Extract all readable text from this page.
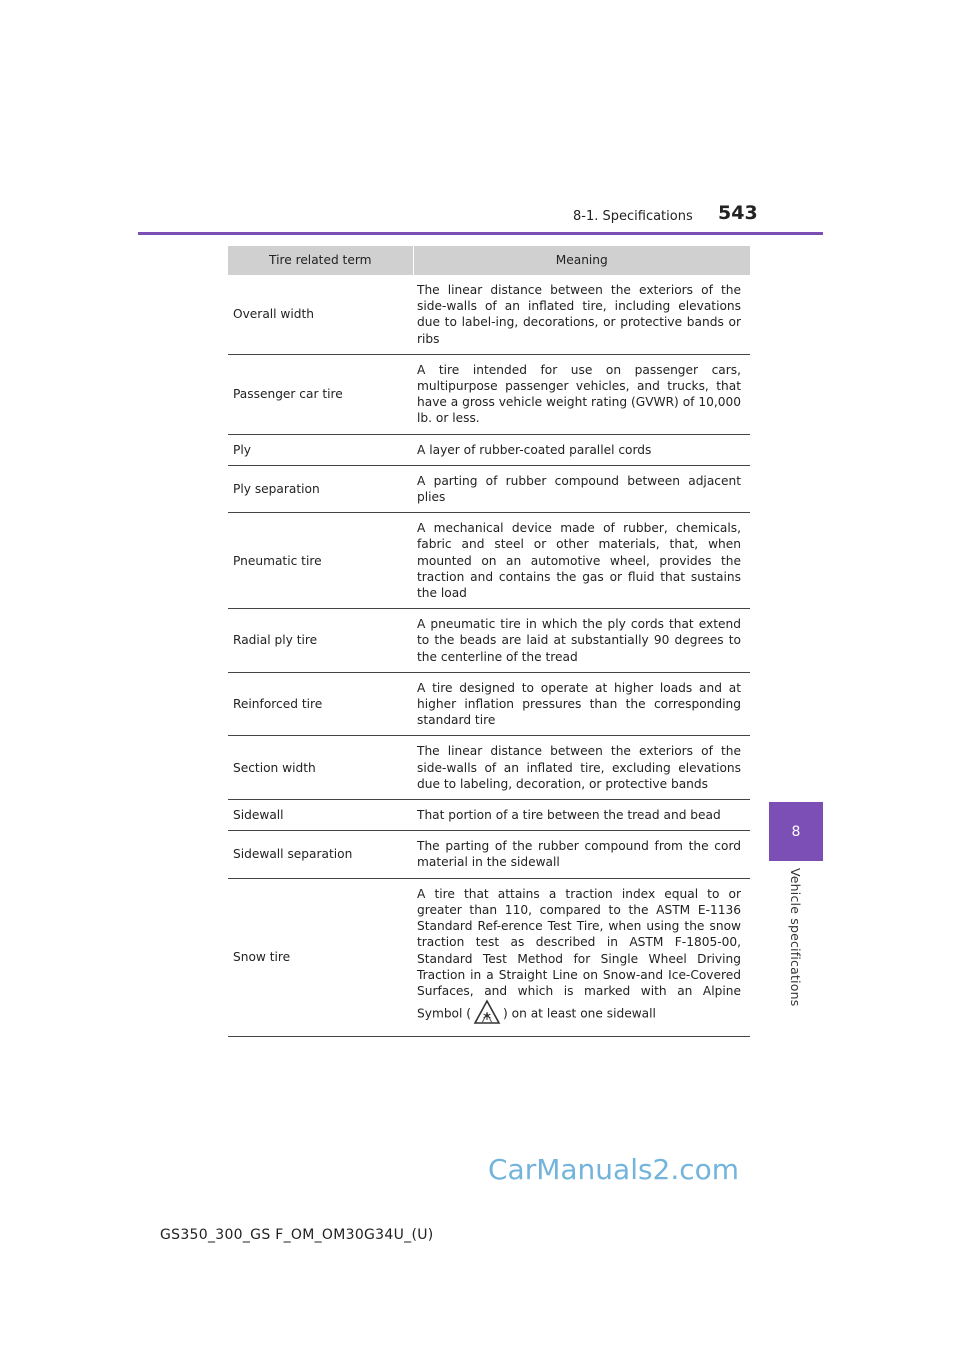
8-1. Specifications 543
8
Vehicle specifications
Tire related term	Meaning
Overall width	The linear distance between the exteriors of the side-walls of an inflated tire, including elevations due to label-ing, decorations, or protective bands or ribs
Passenger car tire	A tire intended for use on passenger cars, multipurpose passenger vehicles, and trucks, that have a gross vehicle weight rating (GVWR) of 10,000 lb. or less.
Ply	A layer of rubber-coated parallel cords
Ply separation	A parting of rubber compound between adjacent plies
Pneumatic tire	A mechanical device made of rubber, chemicals, fabric and steel or other materials, that, when mounted on an automotive wheel, provides the traction and contains the gas or fluid that sustains the load
Radial ply tire	A pneumatic tire in which the ply cords that extend to the beads are laid at substantially 90 degrees to the centerline of the tread
Reinforced tire	A tire designed to operate at higher loads and at higher inflation pressures than the corresponding standard tire
Section width	The linear distance between the exteriors of the side-walls of an inflated tire, excluding elevations due to labeling, decoration, or protective bands
Sidewall	That portion of a tire between the tread and bead
Sidewall separation	The parting of the rubber compound from the cord material in the sidewall
Snow tire	A tire that attains a traction index equal to or greater than 110, compared to the ASTM E-1136 Standard Ref-erence Test Tire, when using the snow traction test as described in ASTM F-1805-00, Standard Test Method for Single Wheel Driving Traction in a Straight Line on Snow-and Ice-Covered Surfaces, and which is marked with an Alpine Symbol ( ) on at least one sidewall
CarManuals2.com
GS350_300_GS F_OM_OM30G34U_(U)
